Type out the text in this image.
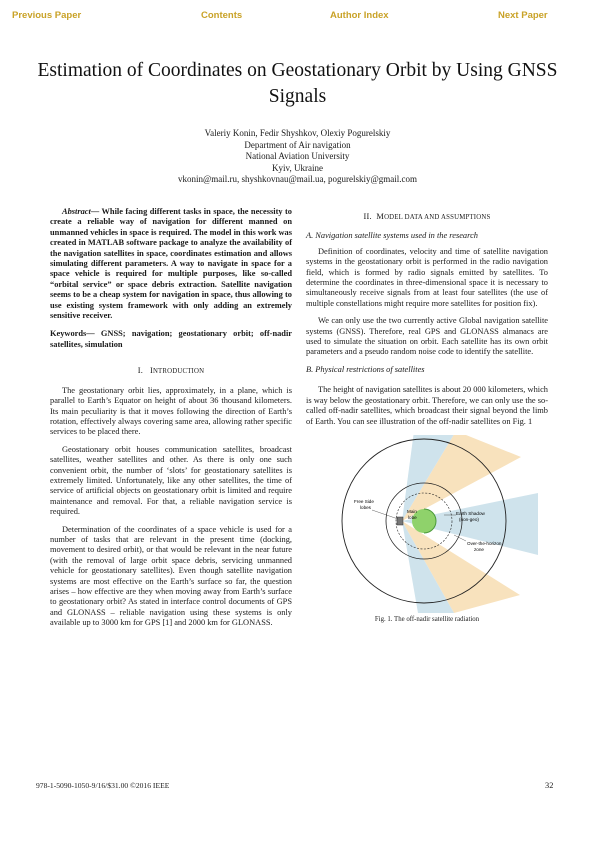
Previous Paper	Contents	Author Index	Next Paper
Estimation of Coordinates on Geostationary Orbit by Using GNSS Signals
Valeriy Konin, Fedir Shyshkov, Olexiy Pogurelskiy
Department of Air navigation
National Aviation University
Kyiv, Ukraine
vkonin@mail.ru, shyshkovnau@mail.ua, pogurelskiy@gmail.com

Abstract— While facing different tasks in space, the necessity to create a reliable way of navigation for different manned on unmanned vehicles in space is required. The model in this work was created in MATLAB software package to analyze the availability of the navigation satellites in space, coordinates estimation and allows simulating different parameters. A way to navigate in space for a space vehicle is required for multiple purposes, like so-called “orbital service” or space debris extraction. Satellite navigation seems to be a cheap system for navigation in space, thus allowing to use existing system framework with only adding an extremely sensitive receiver.

Keywords— GNSS; navigation; geostationary orbit; off-nadir satellites, simulation

I. INTRODUCTION

The geostationary orbit lies, approximately, in a plane, which is parallel to Earth’s Equator on height of about 36 thousand kilometers. Its main peculiarity is that it moves following the direction of Earth’s rotation, effectively always covering same area, allowing rather specific services to be placed there.

Geostationary orbit houses communication satellites, broadcast satellites, weather satellites and other. As there is only one such convenient orbit, the number of ‘slots’ for geostationary satellites is extremely limited. Unfortunately, like any other satellites, the time of service of artificial objects on geostationary orbit is limited and require maintenance and removal. For that, a reliable navigation service is required.

Determination of the coordinates of a space vehicle is used for a number of tasks that are relevant in the present time (docking, movement to desired orbit), or that would be relevant in the near future (with the removal of large orbit space debris, servicing unmanned vehicle for geostationary satellites). Even though satellite navigation systems are most effective on the Earth’s surface so far, the question arises – how effective are they when moving away from Earth’s surface to geostationary orbit? As stated in interface control documents of GPS and GLONASS – reliable navigation using these systems is only available up to 3000 km for GPS [1] and 2000 km for GLONASS.

II. MODEL DATA AND ASSUMPTIONS
A. Navigation satellite systems used in the research

Definition of coordinates, velocity and time of satellite navigation systems in the geostationary orbit is performed in the radio navigation field, which is formed by radio signals emitted by satellites. To determine the coordinates in three-dimensional space it is necessary to simultaneously receive signals from at least four satellites (the use of multiple constellations might require more satellites for position fix).

We can only use the two currently active Global navigation satellite systems (GNSS). Therefore, real GPS and GLONASS almanacs are used to simulate the situation on orbit. Each satellite has its own orbit parameters and a pseudo random noise code to identify the satellite.

B. Physical restrictions of satellites

The height of navigation satellites is about 20 000 kilometers, which is way below the geostationary orbit. Therefore, we can only use the so-called off-nadir satellites, which broadcast their signal beyond the limb of Earth. You can see illustration of the off-nadir satellites on Fig. 1

Free Side
lobes
Main
lobe
Earth Shadow
(non-geo)
Over-the-horizon
zone
Fig. 1. The off-nadir satellite radiation
978-1-5090-1050-9/16/$31.00 ©2016 IEEE	32
